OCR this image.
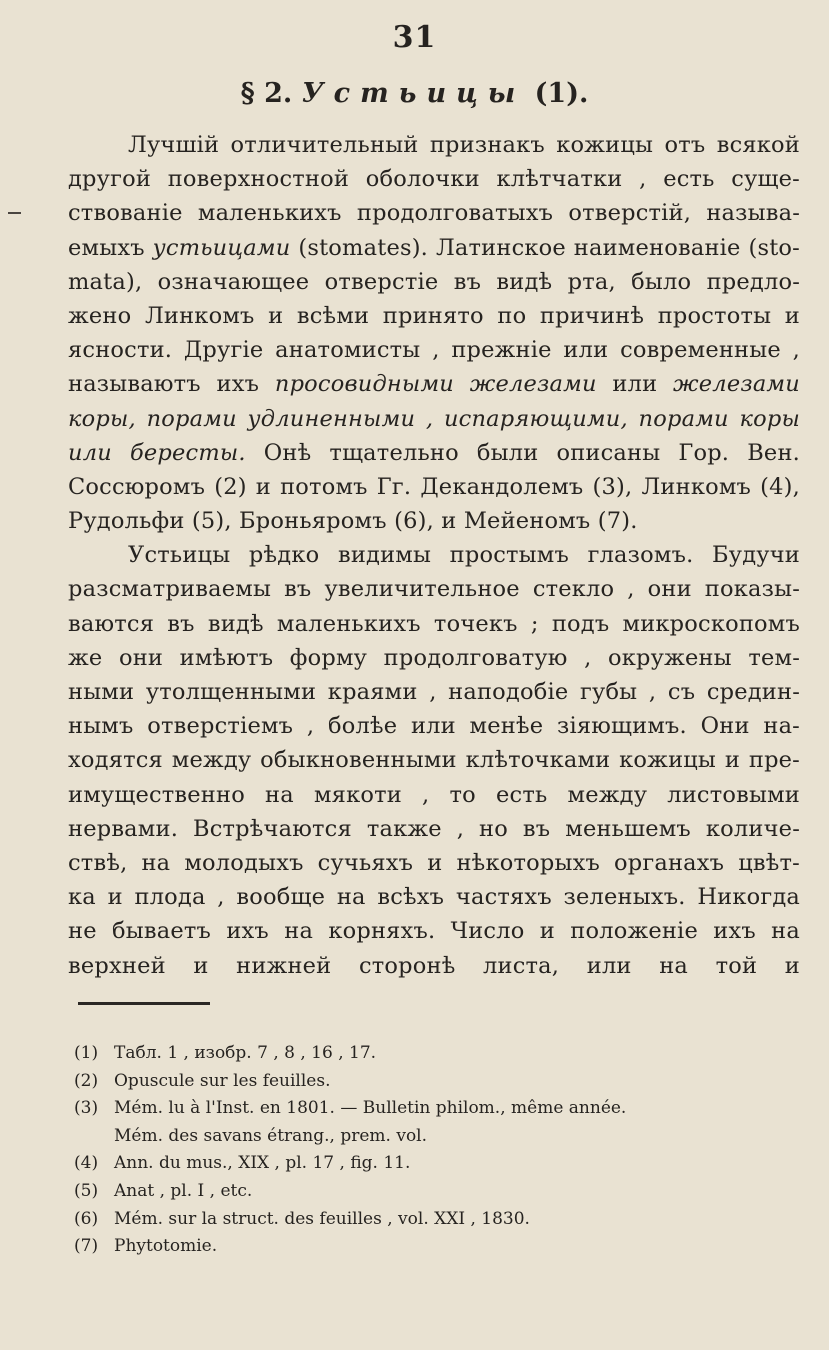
31
§ 2. Устьицы (1).
Лучшій отличительный признакъ кожицы отъ всякой
другой поверхностной оболочки клѣтчатки , есть суще-
ствованіе маленькихъ продолговатыхъ отверстій, называ-
емыхъ устьицами (stomates). Латинское наименованіе (sto-
mata), означающее отверстіе въ видѣ рта, было предло-
жено Линкомъ и всѣми принято по причинѣ простоты и
ясности. Другіе анатомисты , прежніе или современные ,
называютъ ихъ просовидными железами или железами
коры, порами удлиненными , испаряющими, порами коры
или бересты. Онѣ тщательно были описаны Гор. Вен.
Соссюромъ (2) и потомъ Гг. Декандолемъ (3), Линкомъ (4),
Рудольфи (5), Броньяромъ (6), и Мейеномъ (7).
Устьицы рѣдко видимы простымъ глазомъ. Будучи
разсматриваемы въ увеличительное стекло , они показы-
ваются въ видѣ маленькихъ точекъ ; подъ микроскопомъ
же они имѣютъ форму продолговатую , окружены тем-
ными утолщенными краями , наподобіе губы , съ средин-
нымъ отверстіемъ , болѣе или менѣе зіяющимъ. Они на-
ходятся между обыкновенными клѣточками кожицы и пре-
имущественно на мякоти , то есть между листовыми
нервами. Встрѣчаются также , но въ меньшемъ количе-
ствѣ, на молодыхъ сучьяхъ и нѣкоторыхъ органахъ цвѣт-
ка и плода , вообще на всѣхъ частяхъ зеленыхъ. Никогда
не бываетъ ихъ на корняхъ. Число и положеніе ихъ на
верхней и нижней сторонѣ листа, или на той и
(1) Табл. 1 , изобр. 7 , 8 , 16 , 17.
(2) Opuscule sur les feuilles.
(3) Mém. lu à l'Inst. en 1801. — Bulletin philom., même année.
Mém. des savans étrang., prem. vol.
(4) Ann. du mus., XIX , pl. 17 , fig. 11.
(5) Anat , pl. I , etc.
(6) Mém. sur la struct. des feuilles , vol. XXI , 1830.
(7) Phytotomie.
